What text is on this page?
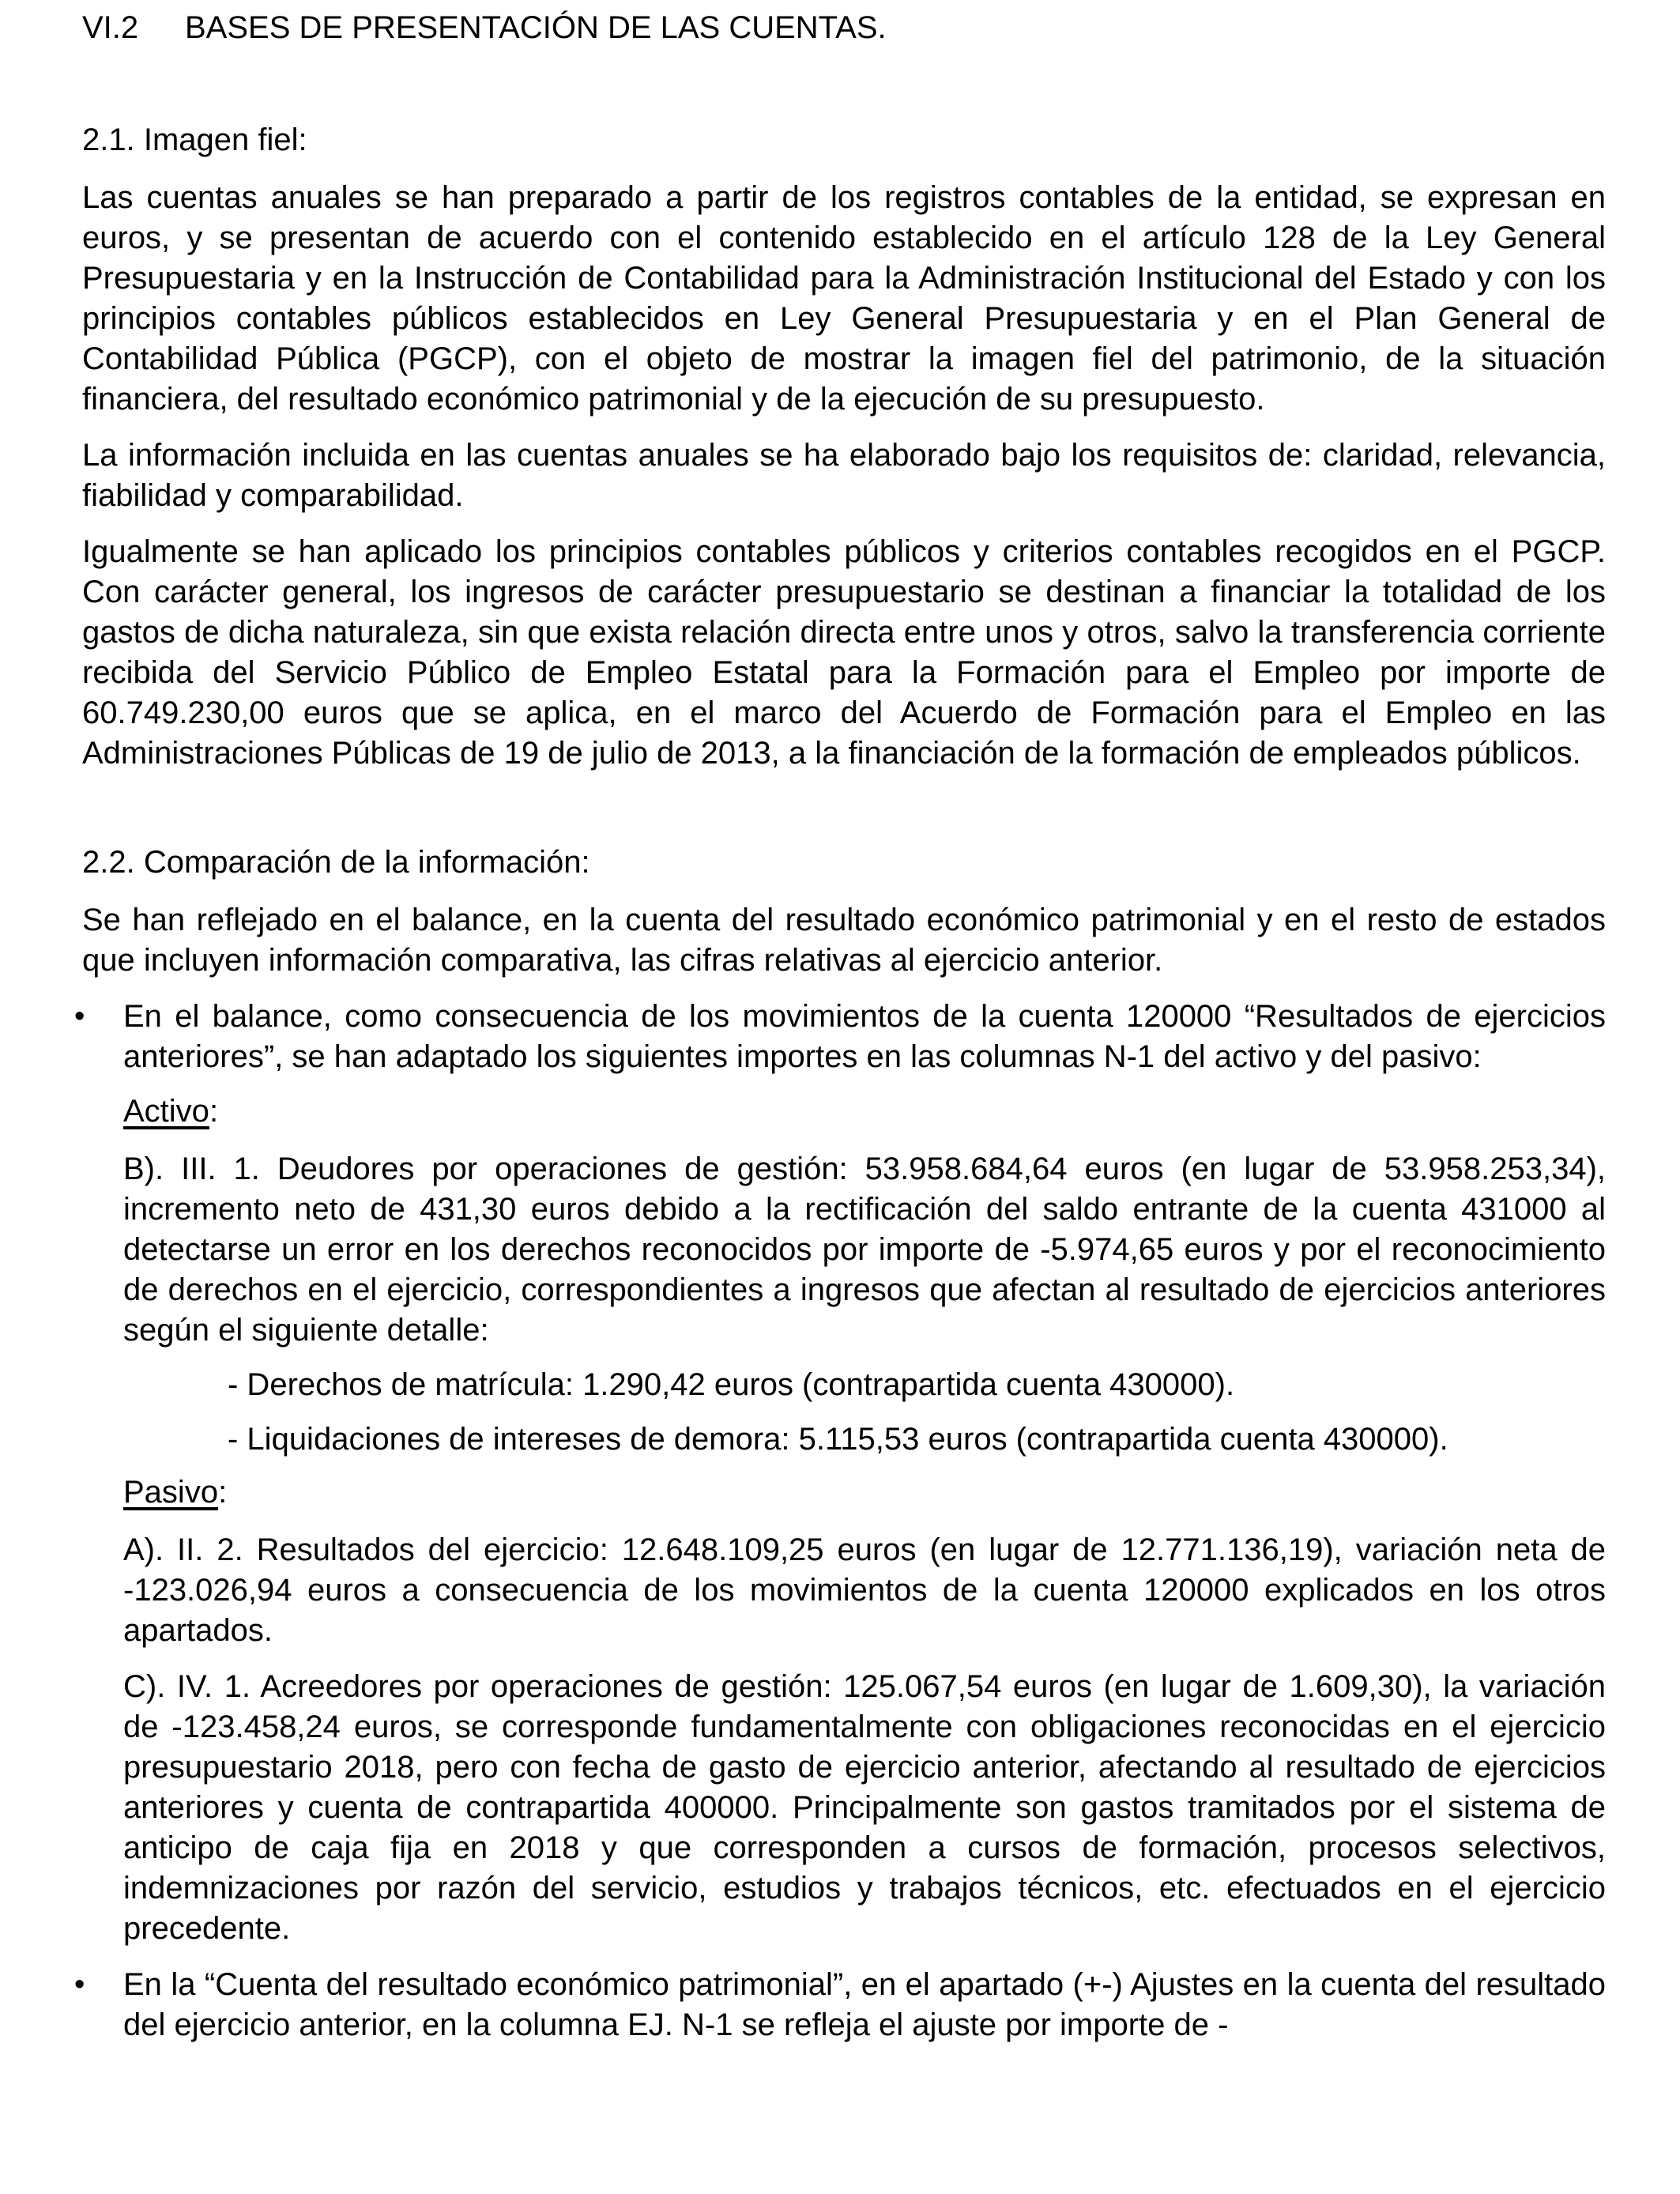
VI.2 BASES DE PRESENTACIÓN DE LAS CUENTAS.
2.1. Imagen fiel:

Las cuentas anuales se han preparado a partir de los registros contables de la entidad, se expresan en euros, y se presentan de acuerdo con el contenido establecido en el artículo 128 de la Ley General Presupuestaria y en la Instrucción de Contabilidad para la Administración Institucional del Estado y con los principios contables públicos establecidos en Ley General Presupuestaria y en el Plan General de Contabilidad Pública (PGCP), con el objeto de mostrar la imagen fiel del patrimonio, de la situación financiera, del resultado económico patrimonial y de la ejecución de su presupuesto.

La información incluida en las cuentas anuales se ha elaborado bajo los requisitos de: claridad, relevancia, fiabilidad y comparabilidad.

Igualmente se han aplicado los principios contables públicos y criterios contables recogidos en el PGCP. Con carácter general, los ingresos de carácter presupuestario se destinan a financiar la totalidad de los gastos de dicha naturaleza, sin que exista relación directa entre unos y otros, salvo la transferencia corriente recibida del Servicio Público de Empleo Estatal para la Formación para el Empleo por importe de 60.749.230,00 euros que se aplica, en el marco del Acuerdo de Formación para el Empleo en las Administraciones Públicas de 19 de julio de 2013, a la financiación de la formación de empleados públicos.

2.2. Comparación de la información:

Se han reflejado en el balance, en la cuenta del resultado económico patrimonial y en el resto de estados que incluyen información comparativa, las cifras relativas al ejercicio anterior.

• En el balance, como consecuencia de los movimientos de la cuenta 120000 “Resultados de ejercicios anteriores”, se han adaptado los siguientes importes en las columnas N-1 del activo y del pasivo:

Activo:

B). III. 1. Deudores por operaciones de gestión: 53.958.684,64 euros (en lugar de 53.958.253,34), incremento neto de 431,30 euros debido a la rectificación del saldo entrante de la cuenta 431000 al detectarse un error en los derechos reconocidos por importe de -5.974,65 euros y por el reconocimiento de derechos en el ejercicio, correspondientes a ingresos que afectan al resultado de ejercicios anteriores según el siguiente detalle:

- Derechos de matrícula: 1.290,42 euros (contrapartida cuenta 430000).

- Liquidaciones de intereses de demora: 5.115,53 euros (contrapartida cuenta 430000).

Pasivo:

A). II. 2. Resultados del ejercicio: 12.648.109,25 euros (en lugar de 12.771.136,19), variación neta de -123.026,94 euros a consecuencia de los movimientos de la cuenta 120000 explicados en los otros apartados.

C). IV. 1. Acreedores por operaciones de gestión: 125.067,54 euros (en lugar de 1.609,30), la variación de -123.458,24 euros, se corresponde fundamentalmente con obligaciones reconocidas en el ejercicio presupuestario 2018, pero con fecha de gasto de ejercicio anterior, afectando al resultado de ejercicios anteriores y cuenta de contrapartida 400000. Principalmente son gastos tramitados por el sistema de anticipo de caja fija en 2018 y que corresponden a cursos de formación, procesos selectivos, indemnizaciones por razón del servicio, estudios y trabajos técnicos, etc. efectuados en el ejercicio precedente.

• En la “Cuenta del resultado económico patrimonial”, en el apartado (+-) Ajustes en la cuenta del resultado del ejercicio anterior, en la columna EJ. N-1 se refleja el ajuste por importe de -
